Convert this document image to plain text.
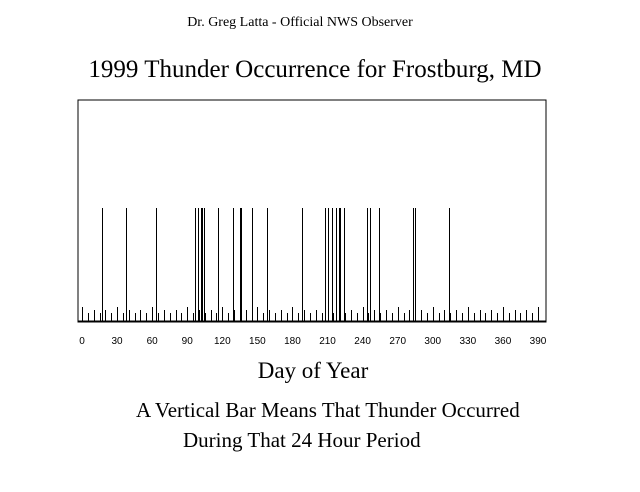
Dr. Greg Latta - Official NWS Observer
1999 Thunder Occurrence for Frostburg, MD
0	30 60 90 120 150 180 210 240 270 300 330 360 390
Day of Year
A Vertical Bar Means That Thunder Occurred
During That 24 Hour Period
